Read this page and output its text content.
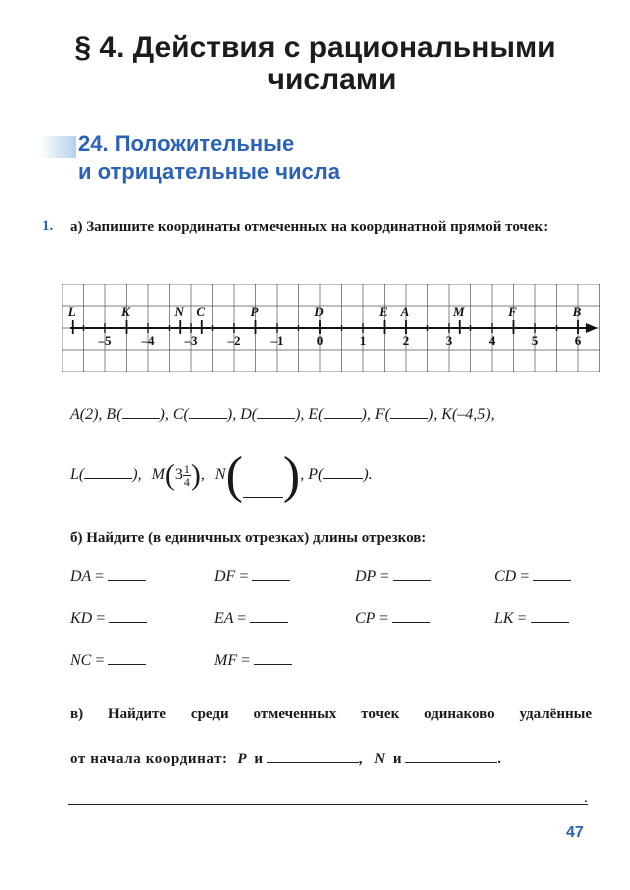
§ 4. Действия с рациональными
числами
24. Положительные
и отрицательные числа
1. а) Запишите координаты отмеченных на координатной прямой точек:
–5 –4 –3 –2 –1	0	1	2	3	4	5	6
L	K	N C	P	D	E A	M	F	B
A(2), B( ), C( ), D( ), E( ), F( ), K(–4,5),
L(	), $M(3 \frac{1}{4}$ ), N( ), P(	).
б) Найдите (в единичных отрезках) длины отрезков:
DA =	DF =	DP =	CD =
KD =	EA =	CP =	LK =
NC =	MF =
в) Найдите среди отмеченных точек одинаково удалённые
от начала координат: P и	, N и	.
.
47
